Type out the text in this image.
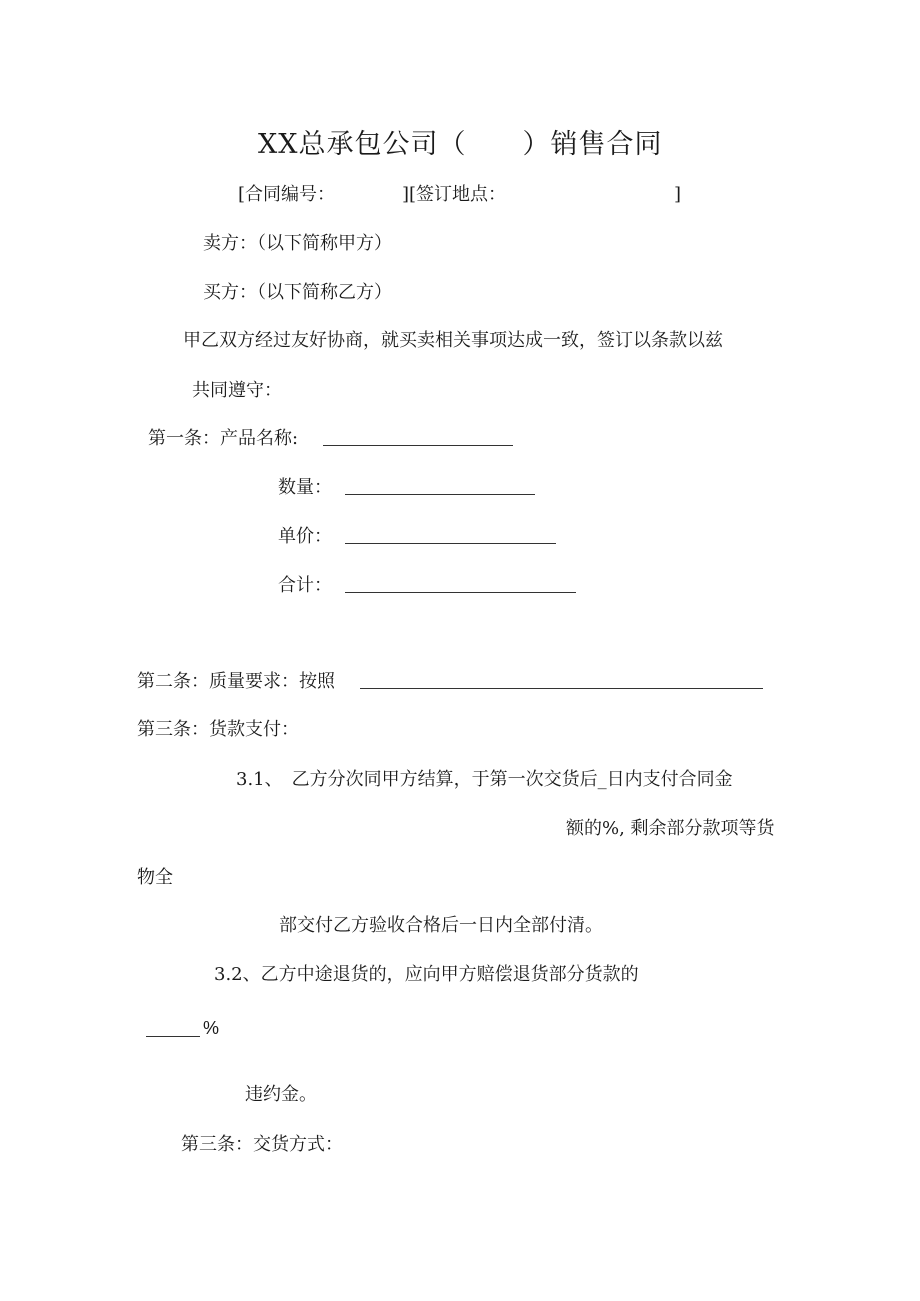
XX总承包公司（　　）销售合同
[合同编号：	][签订地点：	]
卖方：（以下简称甲方）
买方：（以下简称乙方）
甲乙双方经过友好协商，就买卖相关事项达成一致，签订以条款以兹
共同遵守：
第一条：产品名称:
数量：
单价：
合计：
第二条：质量要求：按照
第三条：货款支付：
3.1、　乙方分次同甲方结算，于第一次交货后_日内支付合同金
额的%, 剩余部分款项等货
物全
部交付乙方验收合格后一日内全部付清。
3.2、乙方中途退货的，应向甲方赔偿退货部分货款的
%
违约金。
第三条：交货方式：
